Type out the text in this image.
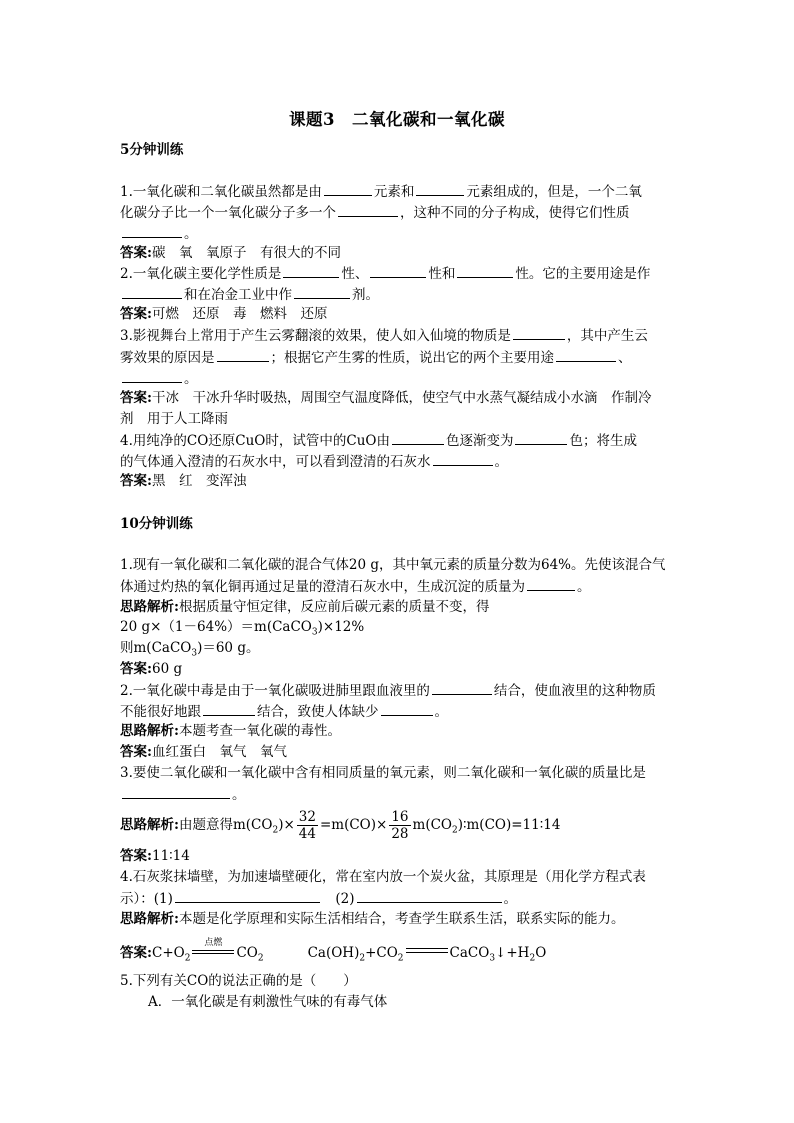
课题3　二氧化碳和一氧化碳
5分钟训练
1.一氧化碳和二氧化碳虽然都是由	元素和	元素组成的，但是，一个二氧
化碳分子比一个一氧化碳分子多一个	，这种不同的分子构成，使得它们性质
。
答案:碳　氧　氧原子　有很大的不同
2.一氧化碳主要化学性质是	性、	性和	性。它的主要用途是作
和在冶金工业中作	剂。
答案:可燃　还原　毒　燃料　还原
3.影视舞台上常用于产生云雾翻滚的效果，使人如入仙境的物质是	，其中产生云
雾效果的原因是	；根据它产生雾的性质，说出它的两个主要用途	、
。
答案:干冰　干冰升华时吸热，周围空气温度降低，使空气中水蒸气凝结成小水滴　作制冷
剂　用于人工降雨
4.用纯净的CO还原CuO时，试管中的CuO由	色逐渐变为	色；将生成
的气体通入澄清的石灰水中，可以看到澄清的石灰水	。
答案:黑　红　变浑浊
10分钟训练
1.现有一氧化碳和二氧化碳的混合气体20 g，其中氧元素的质量分数为64%。先使该混合气
体通过灼热的氧化铜再通过足量的澄清石灰水中，生成沉淀的质量为	。
思路解析:根据质量守恒定律，反应前后碳元素的质量不变，得
20 g×（1－64%）＝m(CaCO$_3$)×12%
则m(CaCO$_3$)＝60 g。
答案:60 g
2.一氧化碳中毒是由于一氧化碳吸进肺里跟血液里的	结合，使血液里的这种物质
不能很好地跟	结合，致使人体缺少	。
思路解析:本题考查一氧化碳的毒性。
答案:血红蛋白　氧气　氧气
3.要使二氧化碳和一氧化碳中含有相同质量的氧元素，则二氧化碳和一氧化碳的质量比是
。
思路解析:由题意得$m(CO_2)\times \frac{32}{44} =m(CO)\times \frac{16}{28}$ $m(CO_2)∶m(CO)=11∶14$
答案:11∶14
4.石灰浆抹墙壁，为加速墙壁硬化，常在室内放一个炭火盆，其原理是（用化学方程式表
示）：(1)	　(2)	。
思路解析:本题是化学原理和实际生活相结合，考查学生联系生活，联系实际的能力。
答案$:C+O_2$
点燃
$CO_2$	$Ca(OH)_2+CO_2$	$CaCO_3↓+H_2O$
5.下列有关CO的说法正确的是（　　）
A．一氧化碳是有刺激性气味的有毒气体
